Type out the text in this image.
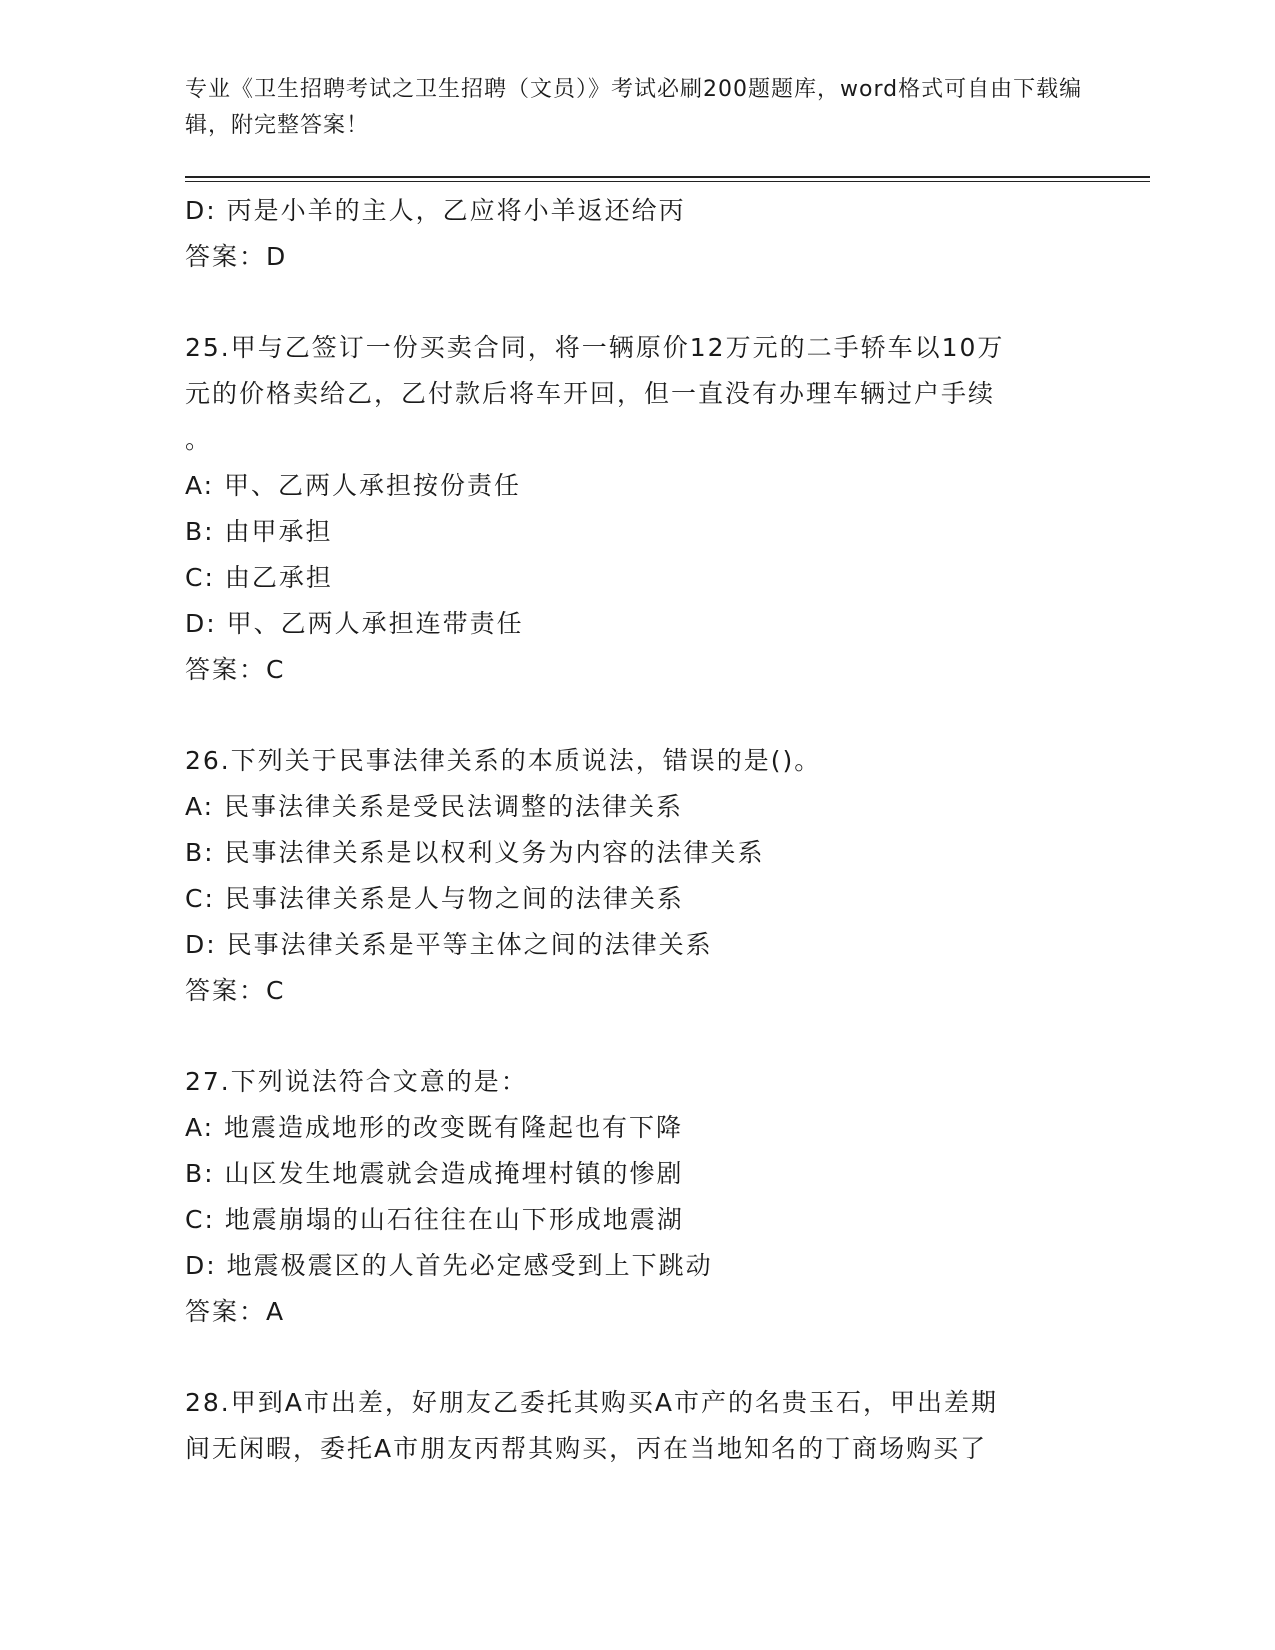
专业《卫生招聘考试之卫生招聘（文员）》考试必刷200题题库，word格式可自由下载编辑，附完整答案！
D: 丙是小羊的主人，乙应将小羊返还给丙
答案：D
25.甲与乙签订一份买卖合同，将一辆原价12万元的二手轿车以10万
元的价格卖给乙，乙付款后将车开回，但一直没有办理车辆过户手续
。
A: 甲、乙两人承担按份责任
B: 由甲承担
C: 由乙承担
D: 甲、乙两人承担连带责任
答案：C
26.下列关于民事法律关系的本质说法，错误的是()。
A: 民事法律关系是受民法调整的法律关系
B: 民事法律关系是以权利义务为内容的法律关系
C: 民事法律关系是人与物之间的法律关系
D: 民事法律关系是平等主体之间的法律关系
答案：C
27.下列说法符合文意的是：
A: 地震造成地形的改变既有隆起也有下降
B: 山区发生地震就会造成掩埋村镇的惨剧
C: 地震崩塌的山石往往在山下形成地震湖
D: 地震极震区的人首先必定感受到上下跳动
答案：A
28.甲到A市出差，好朋友乙委托其购买A市产的名贵玉石，甲出差期
间无闲暇，委托A市朋友丙帮其购买，丙在当地知名的丁商场购买了
